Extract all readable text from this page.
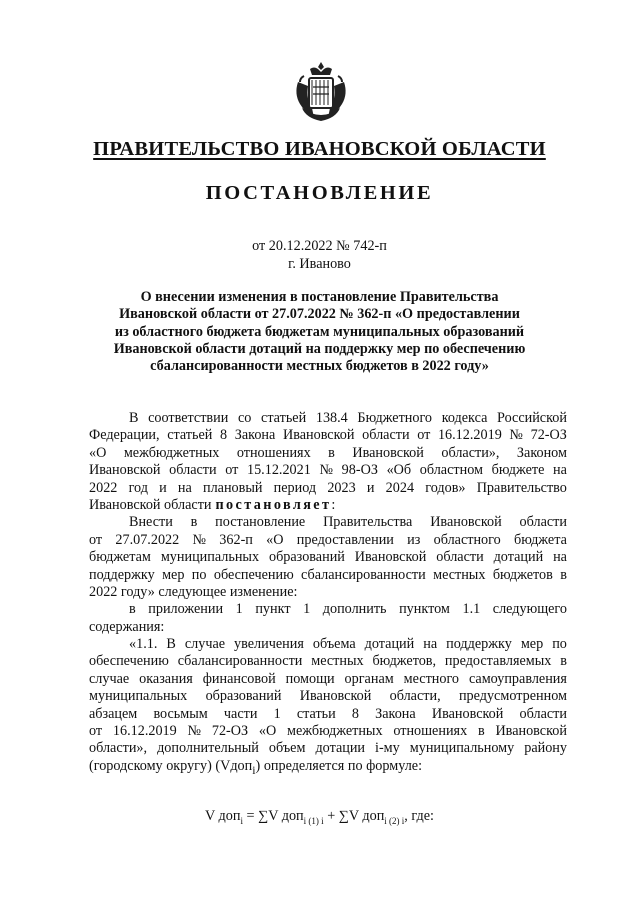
ПРАВИТЕЛЬСТВО ИВАНОВСКОЙ ОБЛАСТИ
ПОСТАНОВЛЕНИЕ
от 20.12.2022 № 742-п
г. Иваново
О внесении изменения в постановление Правительства
Ивановской области от 27.07.2022 № 362-п «О предоставлении
из областного бюджета бюджетам муниципальных образований
Ивановской области дотаций на поддержку мер по обеспечению
сбалансированности местных бюджетов в 2022 году»
В соответствии со статьей 138.4 Бюджетного кодекса Российской
Федерации, статьей 8 Закона Ивановской области от 16.12.2019 № 72-ОЗ
«О межбюджетных отношениях в Ивановской области», Законом
Ивановской области от 15.12.2021 № 98-ОЗ «Об областном бюджете на
2022 год и на плановый период 2023 и 2024 годов» Правительство
Ивановской области постановляет :
Внести в постановление Правительства Ивановской области
от 27.07.2022 № 362-п «О предоставлении из областного бюджета
бюджетам муниципальных образований Ивановской области дотаций на
поддержку мер по обеспечению сбалансированности местных бюджетов в
2022 году» следующее изменение:
в приложении 1 пункт 1 дополнить пунктом 1.1 следующего
содержания:
«1.1. В случае увеличения объема дотаций на поддержку мер по
обеспечению сбалансированности местных бюджетов, предоставляемых в
случае оказания финансовой помощи органам местного самоуправления
муниципальных образований Ивановской области, предусмотренном
абзацем восьмым части 1 статьи 8 Закона Ивановской области
от 16.12.2019 № 72-ОЗ «О межбюджетных отношениях в Ивановской
области», дополнительный объем дотации i-му муниципальному району
(городскому округу) (Vдоп$_i$) определяется по формуле:
V доп$_i$ = ∑V доп$_{i (1) i}$ + ∑V доп$_{i (2) i}$, где:
